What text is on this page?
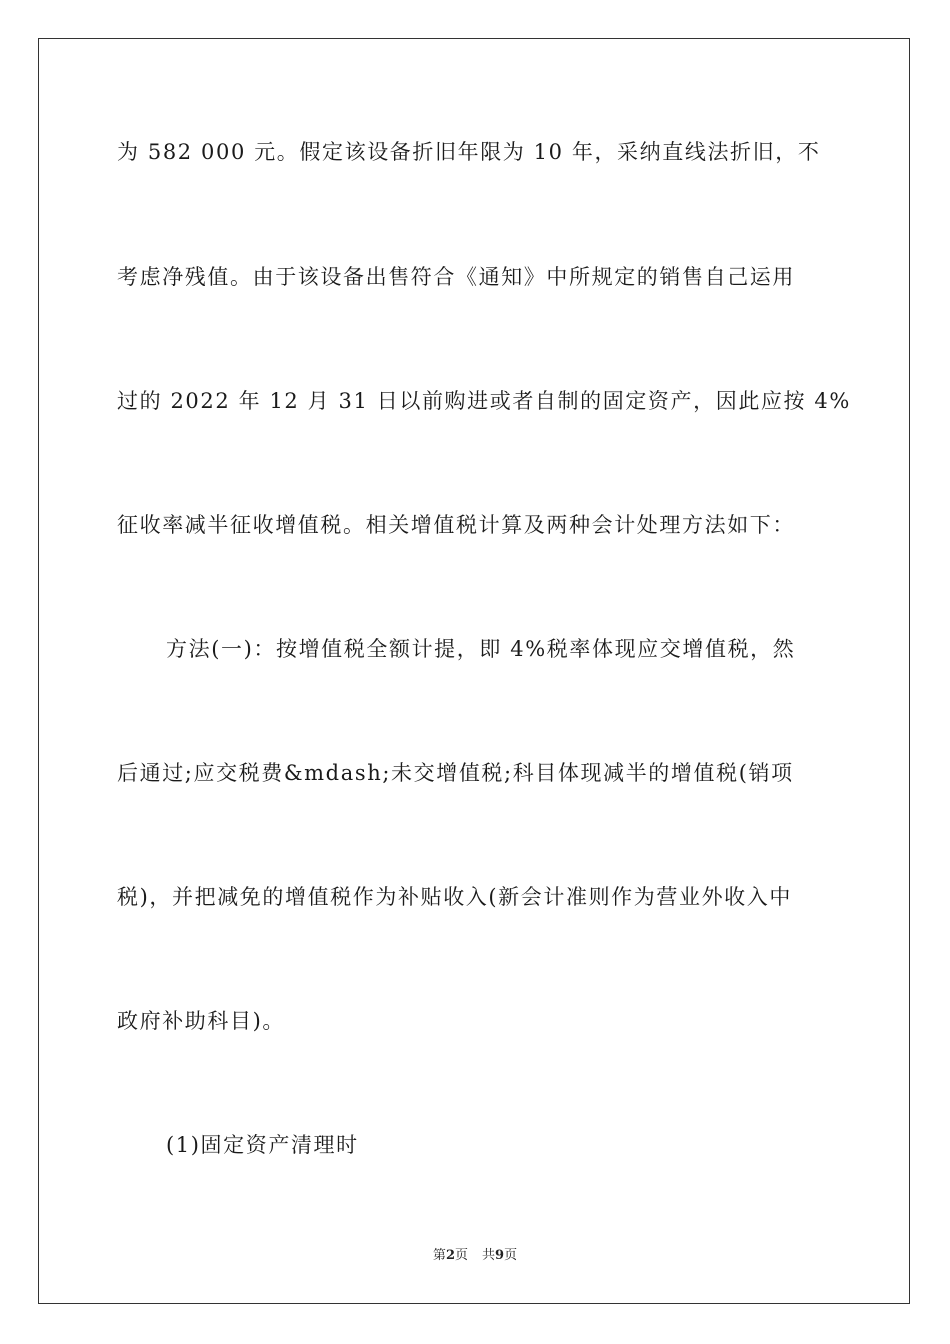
为 582 000 元。假定该设备折旧年限为 10 年，采纳直线法折旧，不
考虑净残值。由于该设备出售符合《通知》中所规定的销售自己运用
过的 2022 年 12 月 31 日以前购进或者自制的固定资产，因此应按 4%
征收率减半征收增值税。相关增值税计算及两种会计处理方法如下：
方法(一)：按增值税全额计提，即 4%税率体现应交增值税，然
后通过;应交税费&mdash;未交增值税;科目体现减半的增值税(销项
税)，并把减免的增值税作为补贴收入(新会计准则作为营业外收入中
政府补助科目)。
(1)固定资产清理时
第2页 共9页
